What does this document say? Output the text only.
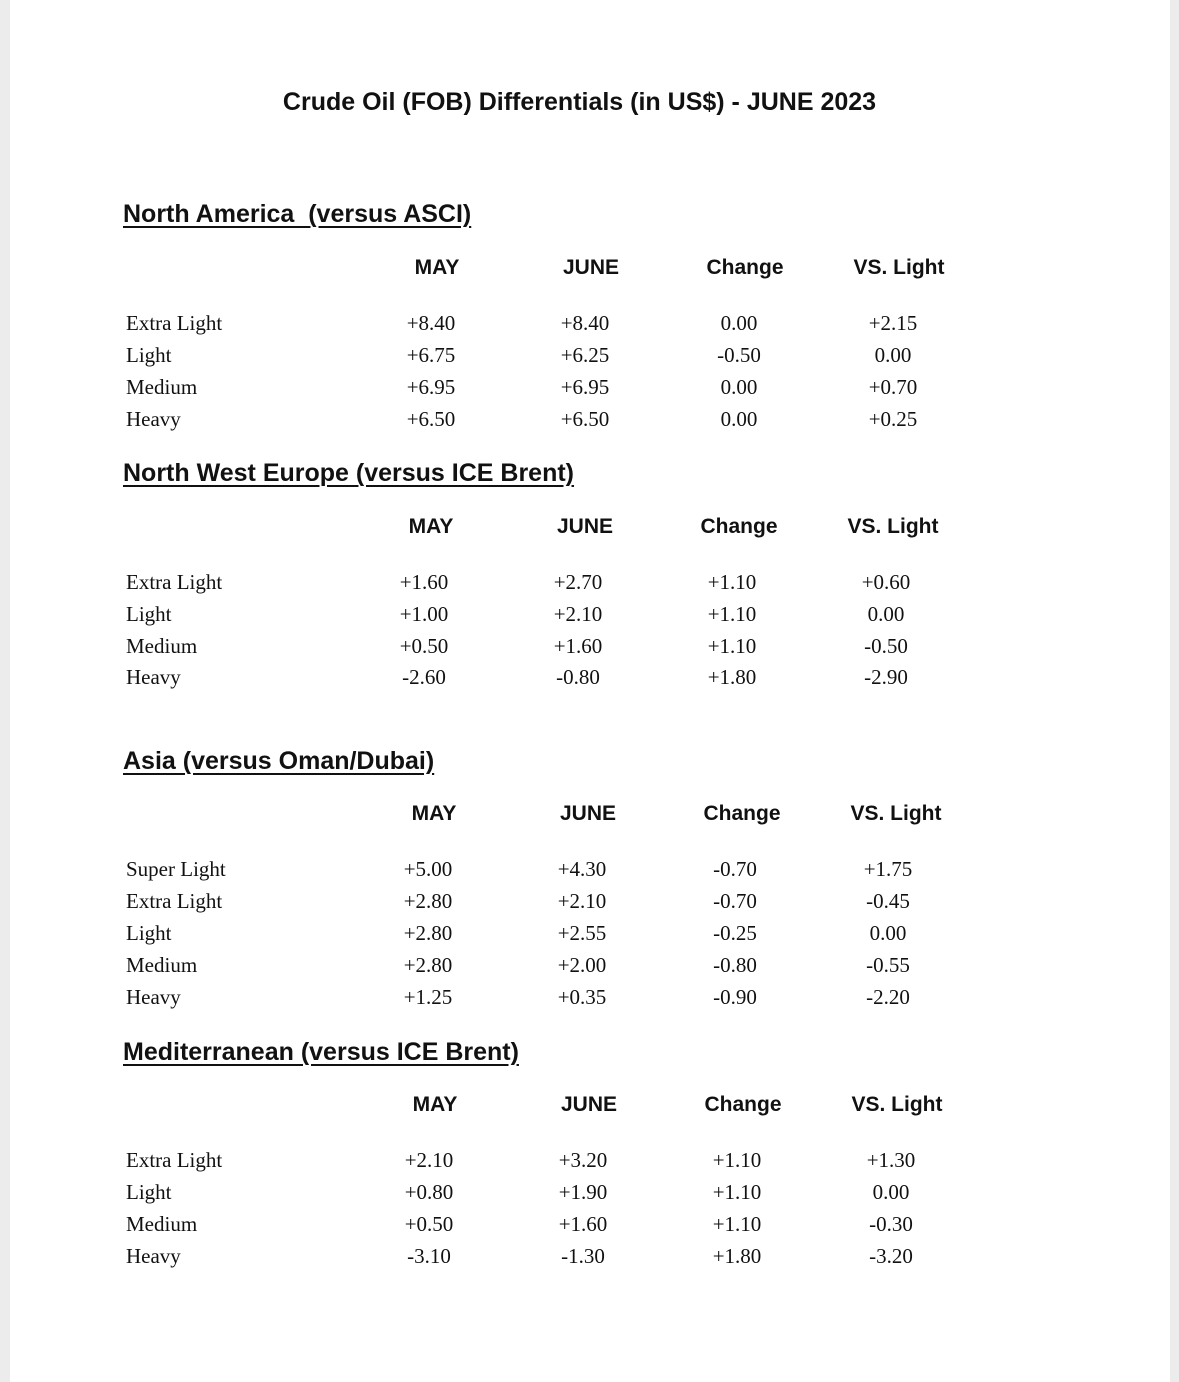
Crude Oil (FOB) Differentials (in US$) - JUNE 2023
North America  (versus ASCI)
MAY	JUNE	Change	VS. Light
Extra Light	+8.40	+8.40	0.00	+2.15
Light	+6.75	+6.25	-0.50	0.00
Medium	+6.95	+6.95	0.00	+0.70
Heavy	+6.50	+6.50	0.00	+0.25
North West Europe (versus ICE Brent)
MAY	JUNE	Change	VS. Light
Extra Light	+1.60	+2.70	+1.10	+0.60
Light	+1.00	+2.10	+1.10	0.00
Medium	+0.50	+1.60	+1.10	-0.50
Heavy	-2.60	-0.80	+1.80	-2.90
Asia (versus Oman/Dubai)
MAY	JUNE	Change	VS. Light
Super Light	+5.00	+4.30	-0.70	+1.75
Extra Light	+2.80	+2.10	-0.70	-0.45
Light	+2.80	+2.55	-0.25	0.00
Medium	+2.80	+2.00	-0.80	-0.55
Heavy	+1.25	+0.35	-0.90	-2.20
Mediterranean (versus ICE Brent)
MAY	JUNE	Change	VS. Light
Extra Light	+2.10	+3.20	+1.10	+1.30
Light	+0.80	+1.90	+1.10	0.00
Medium	+0.50	+1.60	+1.10	-0.30
Heavy	-3.10	-1.30	+1.80	-3.20
